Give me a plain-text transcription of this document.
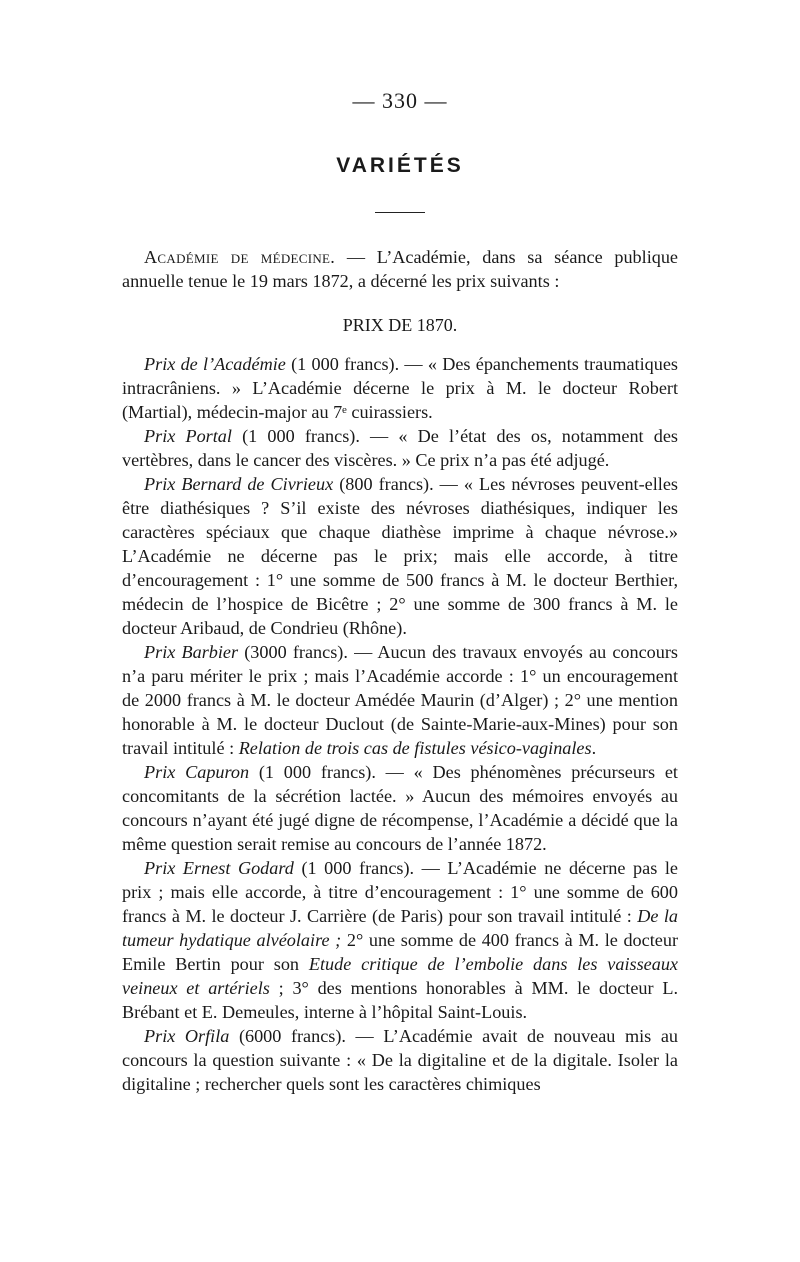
— 330 —
VARIÉTÉS

Académie de médecine. — L’Académie, dans sa séance publique annuelle tenue le 19 mars 1872, a décerné les prix suivants :

PRIX DE 1870.

Prix de l’Académie (1 000 francs). — « Des épanchements traumatiques intracrâniens. » L’Académie décerne le prix à M. le docteur Robert (Martial), médecin-major au 7ᵉ cuirassiers.

Prix Portal (1 000 francs). — « De l’état des os, notamment des vertèbres, dans le cancer des viscères. » Ce prix n’a pas été adjugé.

Prix Bernard de Civrieux (800 francs). — « Les névroses peuvent-elles être diathésiques ? S’il existe des névroses diathésiques, indiquer les caractères spéciaux que chaque diathèse imprime à chaque névrose.» L’Académie ne décerne pas le prix; mais elle accorde, à titre d’encouragement : 1° une somme de 500 francs à M. le docteur Berthier, médecin de l’hospice de Bicêtre ; 2° une somme de 300 francs à M. le docteur Aribaud, de Condrieu (Rhône).

Prix Barbier (3000 francs). — Aucun des travaux envoyés au concours n’a paru mériter le prix ; mais l’Académie accorde : 1° un encouragement de 2000 francs à M. le docteur Amédée Maurin (d’Alger) ; 2° une mention honorable à M. le docteur Duclout (de Sainte-Marie-aux-Mines) pour son travail intitulé : Relation de trois cas de fistules vésico-vaginales.

Prix Capuron (1 000 francs). — « Des phénomènes précurseurs et concomitants de la sécrétion lactée. » Aucun des mémoires envoyés au concours n’ayant été jugé digne de récompense, l’Académie a décidé que la même question serait remise au concours de l’année 1872.

Prix Ernest Godard (1 000 francs). — L’Académie ne décerne pas le prix ; mais elle accorde, à titre d’encouragement : 1° une somme de 600 francs à M. le docteur J. Carrière (de Paris) pour son travail intitulé : De la tumeur hydatique alvéolaire ; 2° une somme de 400 francs à M. le docteur Emile Bertin pour son Etude critique de l’embolie dans les vaisseaux veineux et artériels ; 3° des mentions honorables à MM. le docteur L. Brébant et E. Demeules, interne à l’hôpital Saint-Louis.

Prix Orfila (6000 francs). — L’Académie avait de nouveau mis au concours la question suivante : « De la digitaline et de la digitale. Isoler la digitaline ; rechercher quels sont les caractères chimiques
